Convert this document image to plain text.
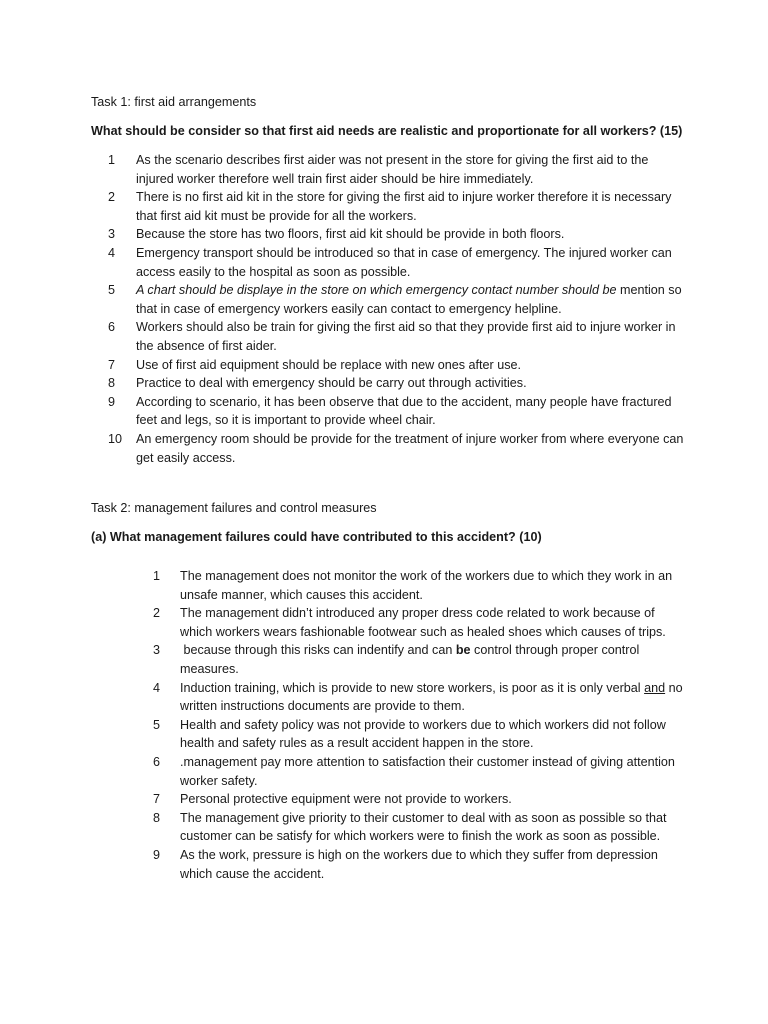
Task 1: first aid arrangements
What should be consider so that first aid needs are realistic and proportionate for all workers? (15)
1	As the scenario describes first aider was not present in the store for giving the first aid to the injured worker therefore well train first aider should be hire immediately.
2	There is no first aid kit in the store for giving the first aid to injure worker therefore it is necessary that first aid kit must be provide for all the workers.
3	Because the store has two floors, first aid kit should be provide in both floors.
4	Emergency transport should be introduced so that in case of emergency. The injured worker can access easily to the hospital as soon as possible.
5	A chart should be displaye in the store on which emergency contact number should be mention so that in case of emergency workers easily can contact to emergency helpline.
6	Workers should also be train for giving the first aid so that they provide first aid to injure worker in the absence of first aider.
7	Use of first aid equipment should be replace with new ones after use.
8	Practice to deal with emergency should be carry out through activities.
9	According to scenario, it has been observe that due to the accident, many people have fractured feet and legs, so it is important to provide wheel chair.
10	An emergency room should be provide for the treatment of injure worker from where everyone can get easily access.
Task 2: management failures and control measures
(a) What management failures could have contributed to this accident? (10)
1	The management does not monitor the work of the workers due to which they work in an unsafe manner, which causes this accident.
2	The management didn’t introduced any proper dress code related to work because of which workers wears fashionable footwear such as healed shoes which causes of trips.
3	because through this risks can indentify and can be control through proper control measures.
4	Induction training, which is provide to new store workers, is poor as it is only verbal and no written instructions documents are provide to them.
5	Health and safety policy was not provide to workers due to which workers did not follow health and safety rules as a result accident happen in the store.
6	.management pay more attention to satisfaction their customer instead of giving attention worker safety.
7	Personal protective equipment were not provide to workers.
8	The management give priority to their customer to deal with as soon as possible so that customer can be satisfy for which workers were to finish the work as soon as possible.
9	As the work, pressure is high on the workers due to which they suffer from depression which cause the accident.
